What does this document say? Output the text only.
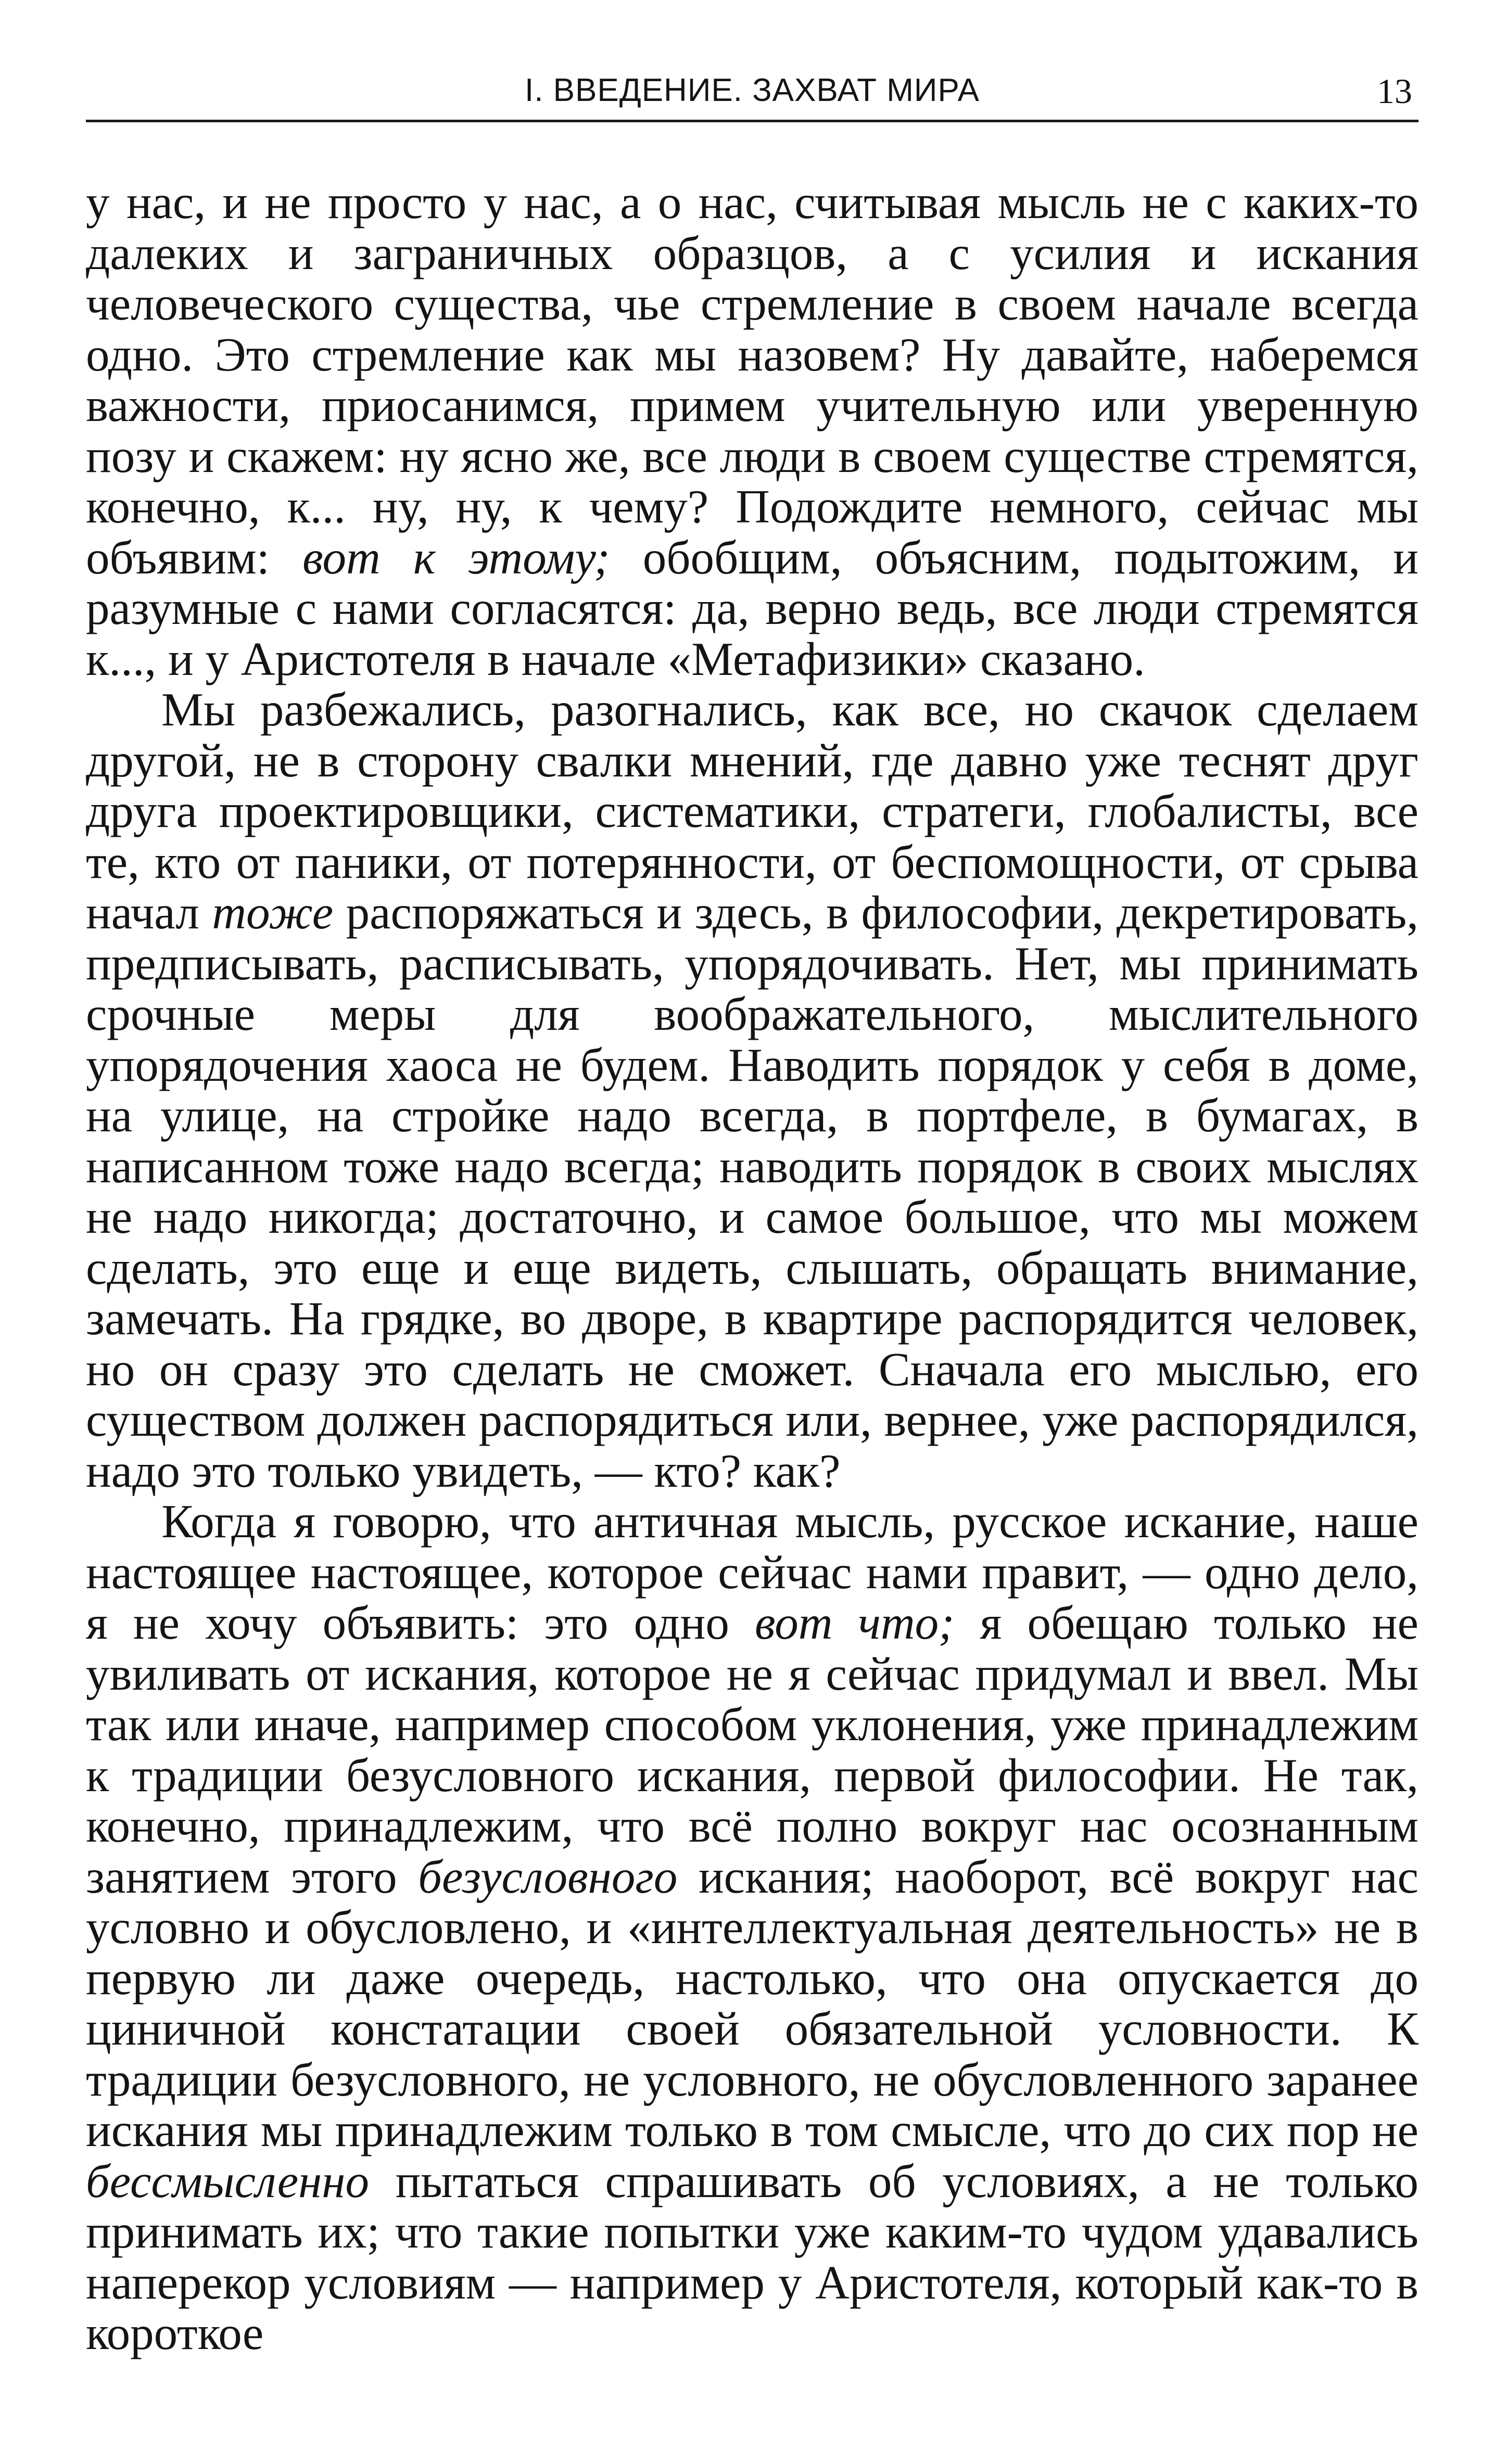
I. ВВЕДЕНИЕ. ЗАХВАТ МИРА	13

у нас, и не просто у нас, а о нас, считывая мысль не с каких-то далеких и заграничных образцов, а с усилия и искания человеческого существа, чье стремление в своем начале всегда одно. Это стремление как мы назовем? Ну давайте, наберемся важности, приосанимся, примем учительную или уверенную позу и скажем: ну ясно же, все люди в своем существе стремятся, конечно, к... ну, ну, к чему? Подождите немного, сейчас мы объявим: вот к этому; обобщим, объясним, подытожим, и разумные с нами согласятся: да, верно ведь, все люди стремятся к..., и у Аристотеля в начале «Метафизики» сказано.

Мы разбежались, разогнались, как все, но скачок сделаем другой, не в сторону свалки мнений, где давно уже теснят друг друга проектировщики, систематики, стратеги, глобалисты, все те, кто от паники, от потерянности, от беспомощности, от срыва начал тоже распоряжаться и здесь, в философии, декретировать, предписывать, расписывать, упорядочивать. Нет, мы принимать срочные меры для воображательного, мыслительного упорядочения хаоса не будем. Наводить порядок у себя в доме, на улице, на стройке надо всегда, в портфеле, в бумагах, в написанном тоже надо всегда; наводить порядок в своих мыслях не надо никогда; достаточно, и самое большое, что мы можем сделать, это еще и еще видеть, слышать, обращать внимание, замечать. На грядке, во дворе, в квартире распорядится человек, но он сразу это сделать не сможет. Сначала его мыслью, его существом должен распорядиться или, вернее, уже распорядился, надо это только увидеть, — кто? как?

Когда я говорю, что античная мысль, русское искание, наше настоящее настоящее, которое сейчас нами правит, — одно дело, я не хочу объявить: это одно вот что; я обещаю только не увиливать от искания, которое не я сейчас придумал и ввел. Мы так или иначе, например способом уклонения, уже принадлежим к традиции безусловного искания, первой философии. Не так, конечно, принадлежим, что всё полно вокруг нас осознанным занятием этого безусловного искания; наоборот, всё вокруг нас условно и обусловлено, и «интеллектуальная деятельность» не в первую ли даже очередь, настолько, что она опускается до циничной констатации своей обязательной условности. К традиции безусловного, не условного, не обусловленного заранее искания мы принадлежим только в том смысле, что до сих пор не бессмысленно пытаться спрашивать об условиях, а не только принимать их; что такие попытки уже каким-то чудом удавались наперекор условиям — например у Аристотеля, который как-то в короткое
